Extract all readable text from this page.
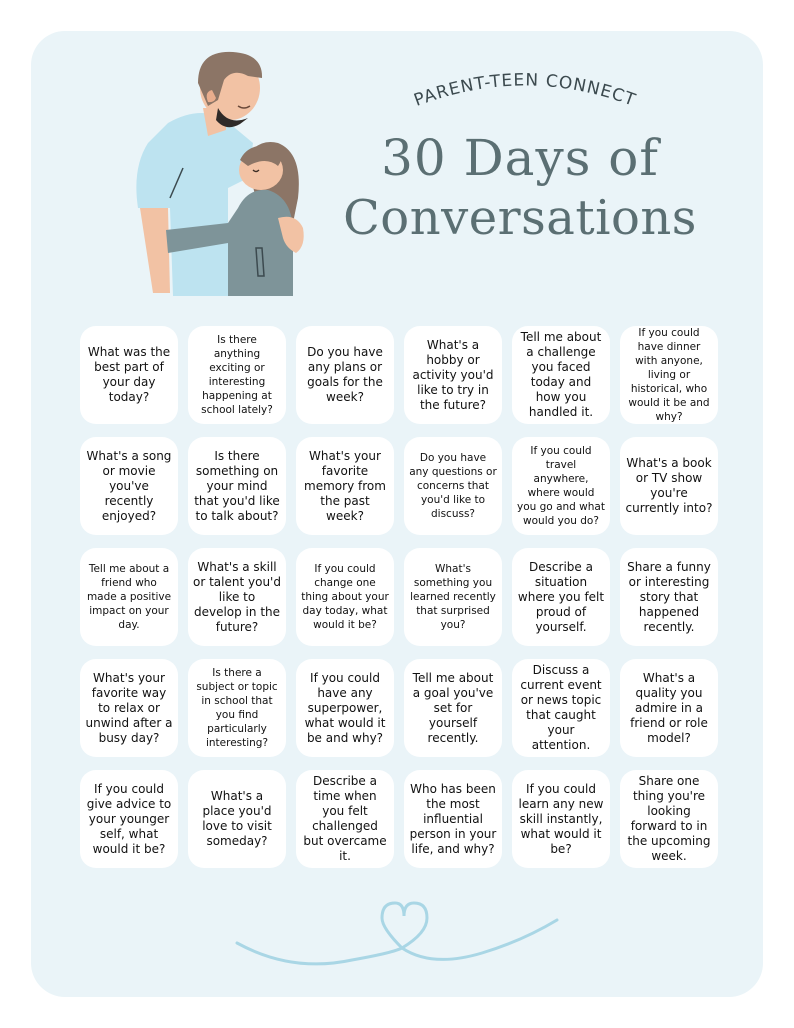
PARENT-TEEN CONNECT
30 Days of
Conversations
What was the best part of your day today?
Is there anything exciting or interesting happening at school lately?
Do you have any plans or goals for the week?
What's a hobby or activity you'd like to try in the future?
Tell me about a challenge you faced today and how you handled it.
If you could have dinner with anyone, living or historical, who would it be and why?
What's a song or movie you've recently enjoyed?
Is there something on your mind that you'd like to talk about?
What's your favorite memory from the past week?
Do you have any questions or concerns that you'd like to discuss?
If you could travel anywhere, where would you go and what would you do?
What's a book or TV show you're currently into?
Tell me about a friend who made a positive impact on your day.
What's a skill or talent you'd like to develop in the future?
If you could change one thing about your day today, what would it be?
What's something you learned recently that surprised you?
Describe a situation where you felt proud of yourself.
Share a funny or interesting story that happened recently.
What's your favorite way to relax or unwind after a busy day?
Is there a subject or topic in school that you find particularly interesting?
If you could have any superpower, what would it be and why?
Tell me about a goal you've set for yourself recently.
Discuss a current event or news topic that caught your attention.
What's a quality you admire in a friend or role model?
If you could give advice to your younger self, what would it be?
What's a place you'd love to visit someday?
Describe a time when you felt challenged but overcame it.
Who has been the most influential person in your life, and why?
If you could learn any new skill instantly, what would it be?
Share one thing you're looking forward to in the upcoming week.
